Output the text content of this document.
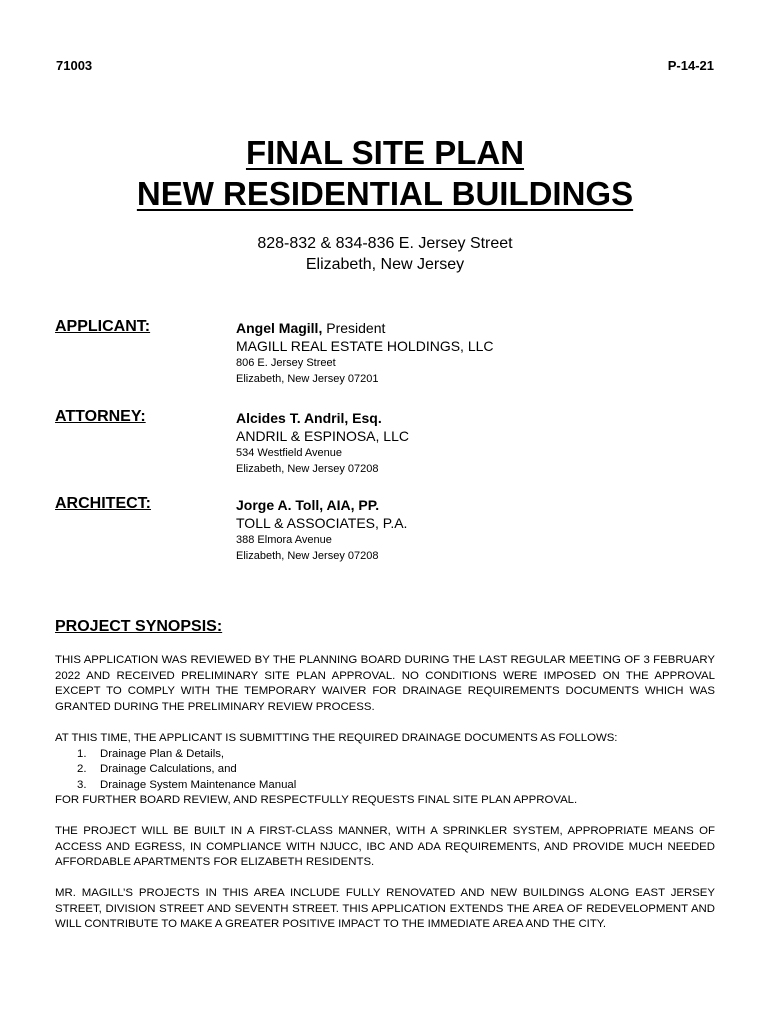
71003	P-14-21
FINAL SITE PLAN
NEW RESIDENTIAL BUILDINGS
828-832 & 834-836 E. Jersey Street
Elizabeth, New Jersey
APPLICANT:	Angel Magill, President
MAGILL REAL ESTATE HOLDINGS, LLC
806 E. Jersey Street
Elizabeth, New Jersey 07201
ATTORNEY:	Alcides T. Andril, Esq.
ANDRIL & ESPINOSA, LLC
534 Westfield Avenue
Elizabeth, New Jersey 07208
ARCHITECT:	Jorge A. Toll, AIA, PP.
TOLL & ASSOCIATES, P.A.
388 Elmora Avenue
Elizabeth, New Jersey 07208
PROJECT SYNOPSIS:

THIS APPLICATION WAS REVIEWED BY THE PLANNING BOARD DURING THE LAST REGULAR MEETING OF 3 FEBRUARY 2022 AND RECEIVED PRELIMINARY SITE PLAN APPROVAL. NO CONDITIONS WERE IMPOSED ON THE APPROVAL EXCEPT TO COMPLY WITH THE TEMPORARY WAIVER FOR DRAINAGE REQUIREMENTS DOCUMENTS WHICH WAS GRANTED DURING THE PRELIMINARY REVIEW PROCESS.

AT THIS TIME, THE APPLICANT IS SUBMITTING THE REQUIRED DRAINAGE DOCUMENTS AS FOLLOWS:
1. Drainage Plan & Details,
2. Drainage Calculations, and
3. Drainage System Maintenance Manual
FOR FURTHER BOARD REVIEW, AND RESPECTFULLY REQUESTS FINAL SITE PLAN APPROVAL.

THE PROJECT WILL BE BUILT IN A FIRST-CLASS MANNER, WITH A SPRINKLER SYSTEM, APPROPRIATE MEANS OF ACCESS AND EGRESS, IN COMPLIANCE WITH NJUCC, IBC AND ADA REQUIREMENTS, AND PROVIDE MUCH NEEDED AFFORDABLE APARTMENTS FOR ELIZABETH RESIDENTS.

MR. MAGILL’S PROJECTS IN THIS AREA INCLUDE FULLY RENOVATED AND NEW BUILDINGS ALONG EAST JERSEY STREET, DIVISION STREET AND SEVENTH STREET. THIS APPLICATION EXTENDS THE AREA OF REDEVELOPMENT AND WILL CONTRIBUTE TO MAKE A GREATER POSITIVE IMPACT TO THE IMMEDIATE AREA AND THE CITY.
